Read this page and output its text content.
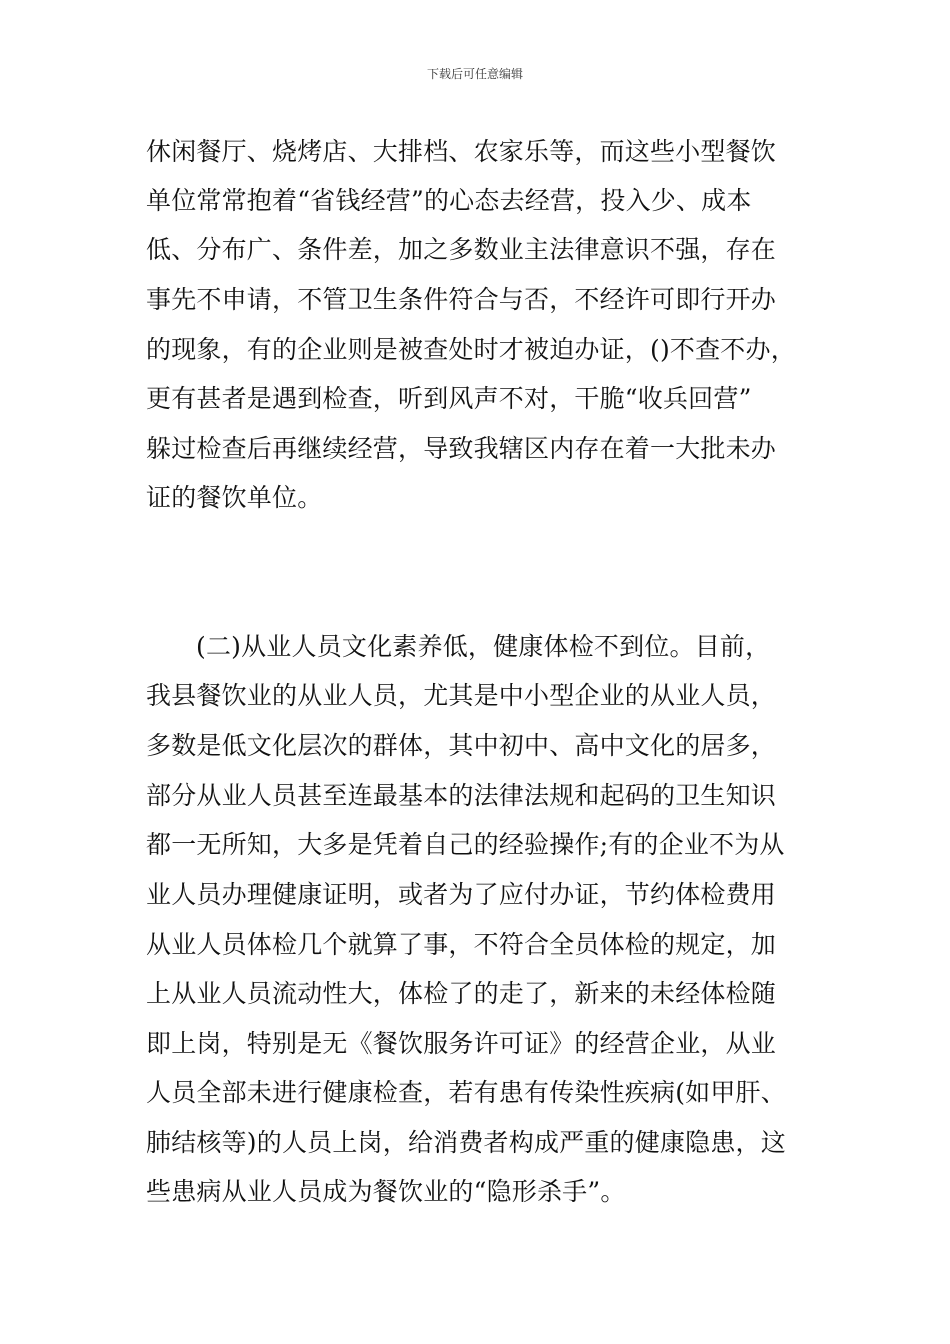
下载后可任意编辑
休闲餐厅、烧烤店、大排档、农家乐等，而这些小型餐饮
单位常常抱着“省钱经营”的心态去经营，投入少、成本
低、分布广、条件差，加之多数业主法律意识不强，存在
事先不申请，不管卫生条件符合与否，不经许可即行开办
的现象，有的企业则是被查处时才被迫办证，()不查不办，
更有甚者是遇到检查，听到风声不对，干脆“收兵回营”
躲过检查后再继续经营，导致我辖区内存在着一大批未办
证的餐饮单位。
(二)从业人员文化素养低，健康体检不到位。目前，
我县餐饮业的从业人员，尤其是中小型企业的从业人员，
多数是低文化层次的群体，其中初中、高中文化的居多，
部分从业人员甚至连最基本的法律法规和起码的卫生知识
都一无所知，大多是凭着自己的经验操作;有的企业不为从
业人员办理健康证明，或者为了应付办证，节约体检费用
从业人员体检几个就算了事，不符合全员体检的规定，加
上从业人员流动性大，体检了的走了，新来的未经体检随
即上岗，特别是无《餐饮服务许可证》的经营企业，从业
人员全部未进行健康检查，若有患有传染性疾病(如甲肝、
肺结核等)的人员上岗，给消费者构成严重的健康隐患，这
些患病从业人员成为餐饮业的“隐形杀手”。
